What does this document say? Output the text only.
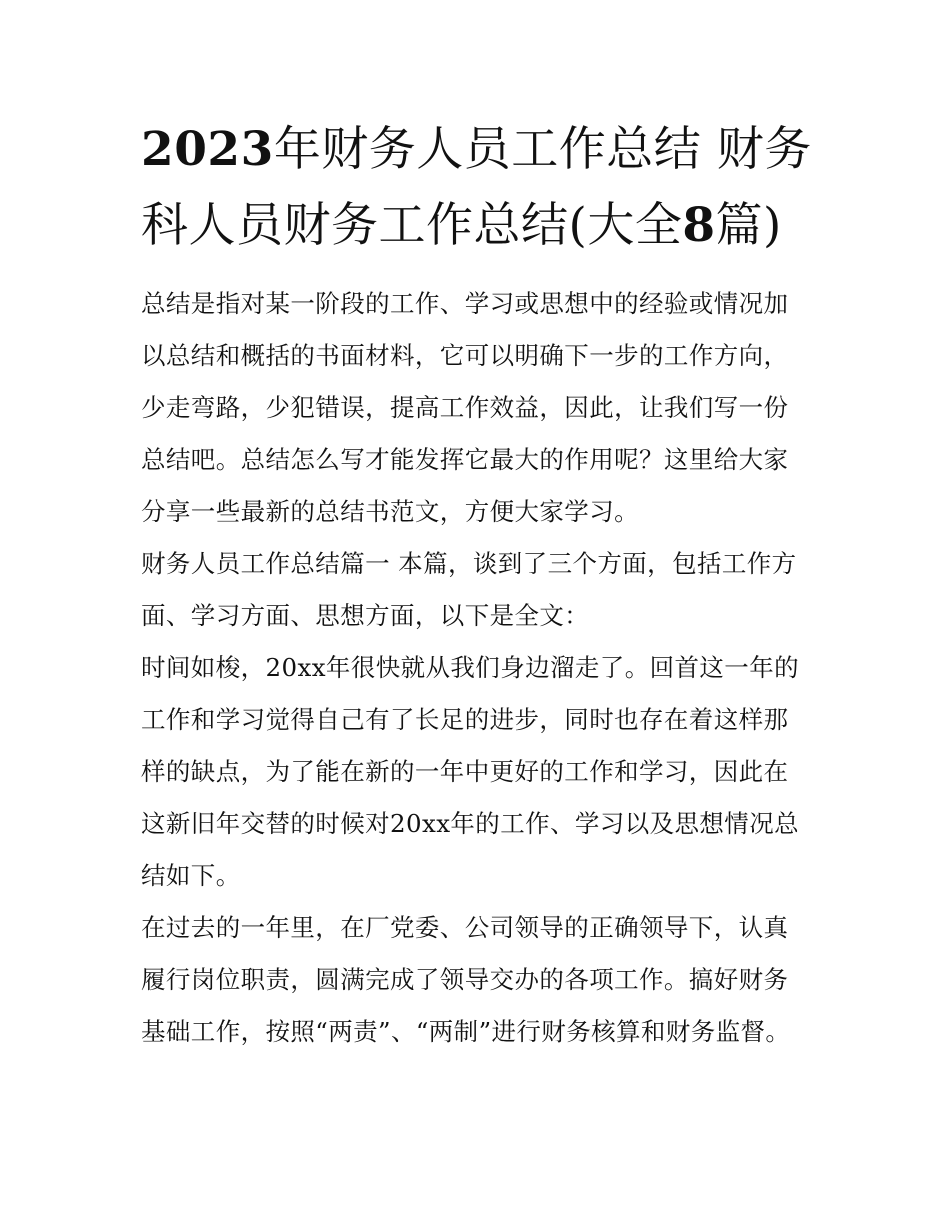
2023年财务人员工作总结 财务科人员财务工作总结(大全8篇)

总结是指对某一阶段的工作、学习或思想中的经验或情况加以总结和概括的书面材料，它可以明确下一步的工作方向，少走弯路，少犯错误，提高工作效益，因此，让我们写一份总结吧。总结怎么写才能发挥它最大的作用呢？这里给大家分享一些最新的总结书范文，方便大家学习。

财务人员工作总结篇一 本篇，谈到了三个方面，包括工作方面、学习方面、思想方面，以下是全文：

时间如梭，20xx年很快就从我们身边溜走了。回首这一年的工作和学习觉得自己有了长足的进步，同时也存在着这样那样的缺点，为了能在新的一年中更好的工作和学习，因此在这新旧年交替的时候对20xx年的工作、学习以及思想情况总结如下。

在过去的一年里，在厂党委、公司领导的正确领导下，认真履行岗位职责，圆满完成了领导交办的各项工作。搞好财务基础工作，按照“两责”、“两制”进行财务核算和财务监督。
